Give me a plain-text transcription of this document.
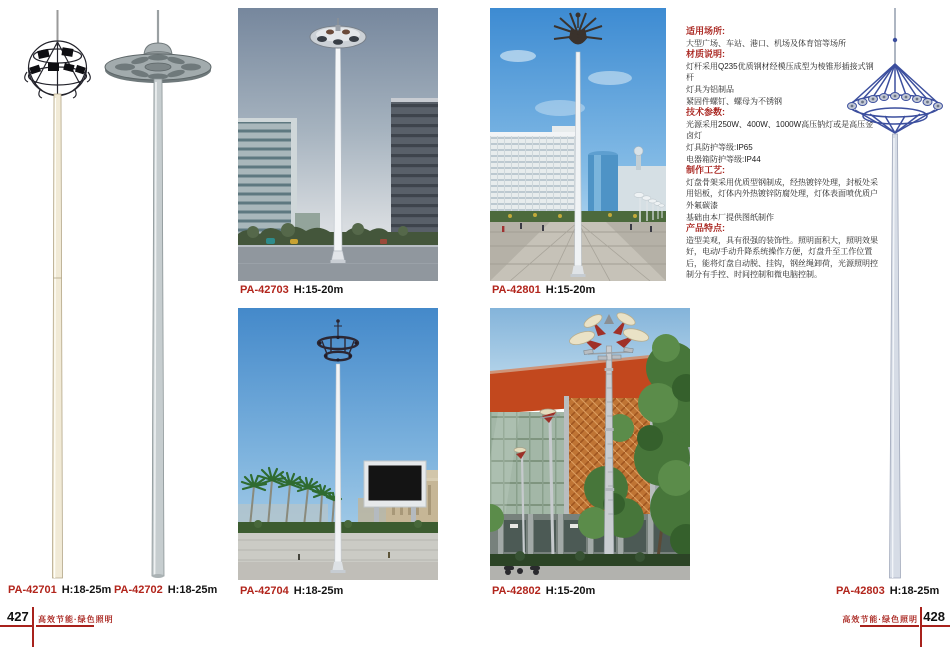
适用场所:
大型广场、车站、港口、机场及体育馆等场所
材质说明:
灯杆采用Q235优质钢材经模压成型为棱锥形插接式钢杆
灯具为铝制品
紧固件螺钉、螺母为不锈钢
技术参数:
光源采用250W、400W、1000W高压钠灯或是高压金卤灯
灯具防护等级:IP65
电器箱防护等级:IP44
制作工艺:
灯盘骨架采用优质型钢制成，经热镀锌处理，封板处采用铝板，灯体内外热镀锌防腐处理，灯体表面喷优质户外氟碳漆
基础由本厂提供图纸制作
产品特点:
造型美观，具有很强的装饰性。照明面积大，照明效果好，电动/手动升降系统操作方便，灯盘升至工作位置后，能将灯盘自动脱、挂钩，钢丝绳卸荷，光源照明控制分有手控、时间控制和微电脑控制。
PA-42703 H:15-20m	PA-42801 H:15-20m
PA-42701 H:18-25m PA-42702 H:18-25m PA-42704 H:18-25m	PA-42802 H:15-20m	PA-42803 H:18-25m
427 高效节能·绿色照明	428
高效节能·绿色照明
